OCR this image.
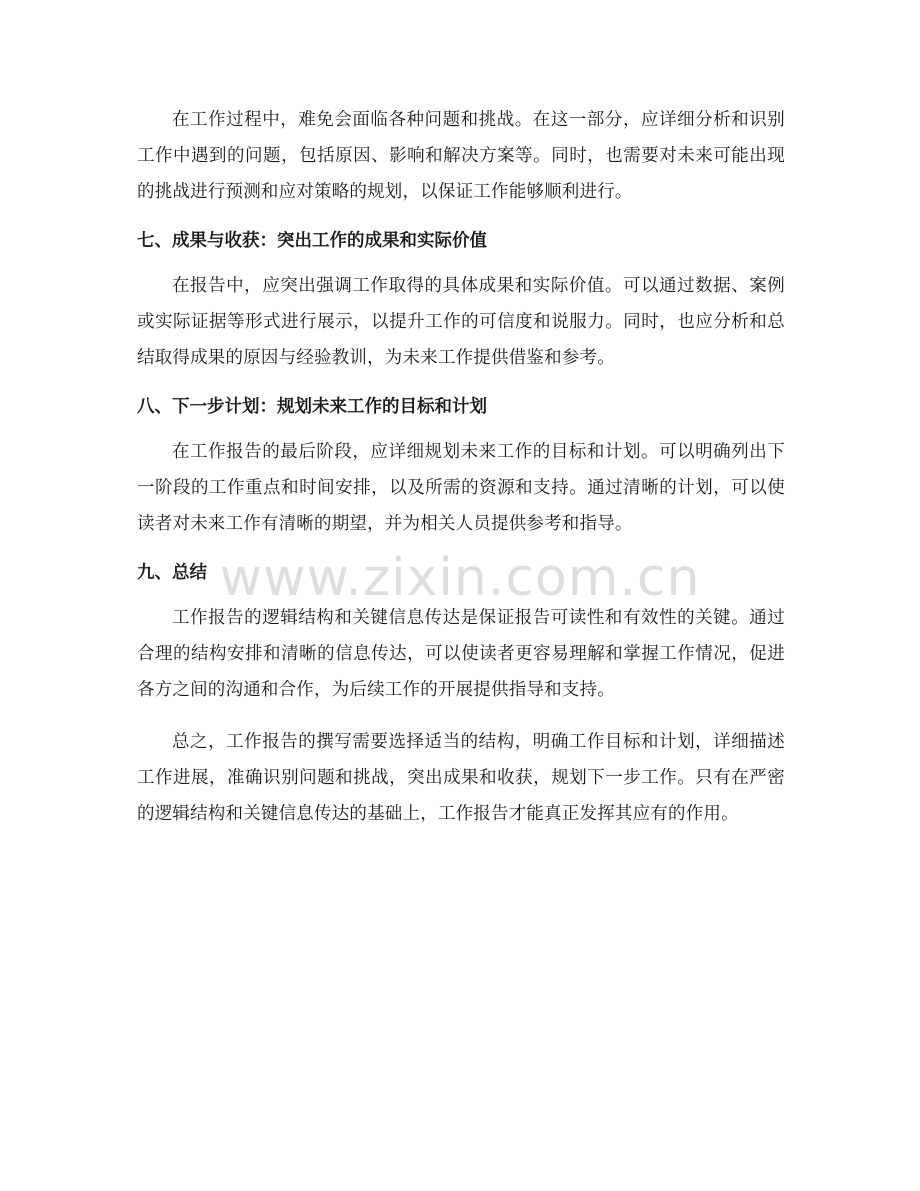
在工作过程中，难免会面临各种问题和挑战。在这一部分，应详细分析和识别工作中遇到的问题，包括原因、影响和解决方案等。同时，也需要对未来可能出现的挑战进行预测和应对策略的规划，以保证工作能够顺利进行。

七、成果与收获：突出工作的成果和实际价值

在报告中，应突出强调工作取得的具体成果和实际价值。可以通过数据、案例或实际证据等形式进行展示，以提升工作的可信度和说服力。同时，也应分析和总结取得成果的原因与经验教训，为未来工作提供借鉴和参考。

八、下一步计划：规划未来工作的目标和计划

在工作报告的最后阶段，应详细规划未来工作的目标和计划。可以明确列出下一阶段的工作重点和时间安排，以及所需的资源和支持。通过清晰的计划，可以使读者对未来工作有清晰的期望，并为相关人员提供参考和指导。

九、总结

工作报告的逻辑结构和关键信息传达是保证报告可读性和有效性的关键。通过合理的结构安排和清晰的信息传达，可以使读者更容易理解和掌握工作情况，促进各方之间的沟通和合作，为后续工作的开展提供指导和支持。

总之，工作报告的撰写需要选择适当的结构，明确工作目标和计划，详细描述工作进展，准确识别问题和挑战，突出成果和收获，规划下一步工作。只有在严密的逻辑结构和关键信息传达的基础上，工作报告才能真正发挥其应有的作用。

www.zixin.com.cn
